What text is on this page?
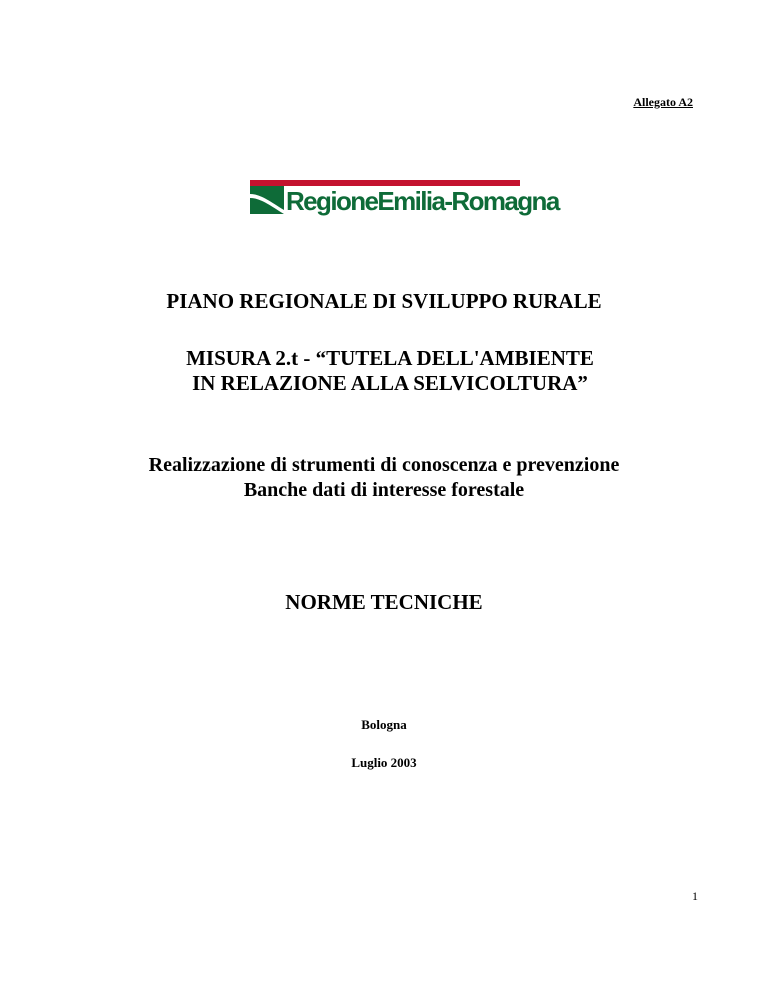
Allegato A2
RegioneEmilia-Romagna
PIANO REGIONALE DI SVILUPPO RURALE
MISURA 2.t - “TUTELA DELL'AMBIENTE
IN RELAZIONE ALLA SELVICOLTURA”
Realizzazione di strumenti di conoscenza e prevenzione
Banche dati di interesse forestale
NORME TECNICHE
Bologna
Luglio 2003
1
